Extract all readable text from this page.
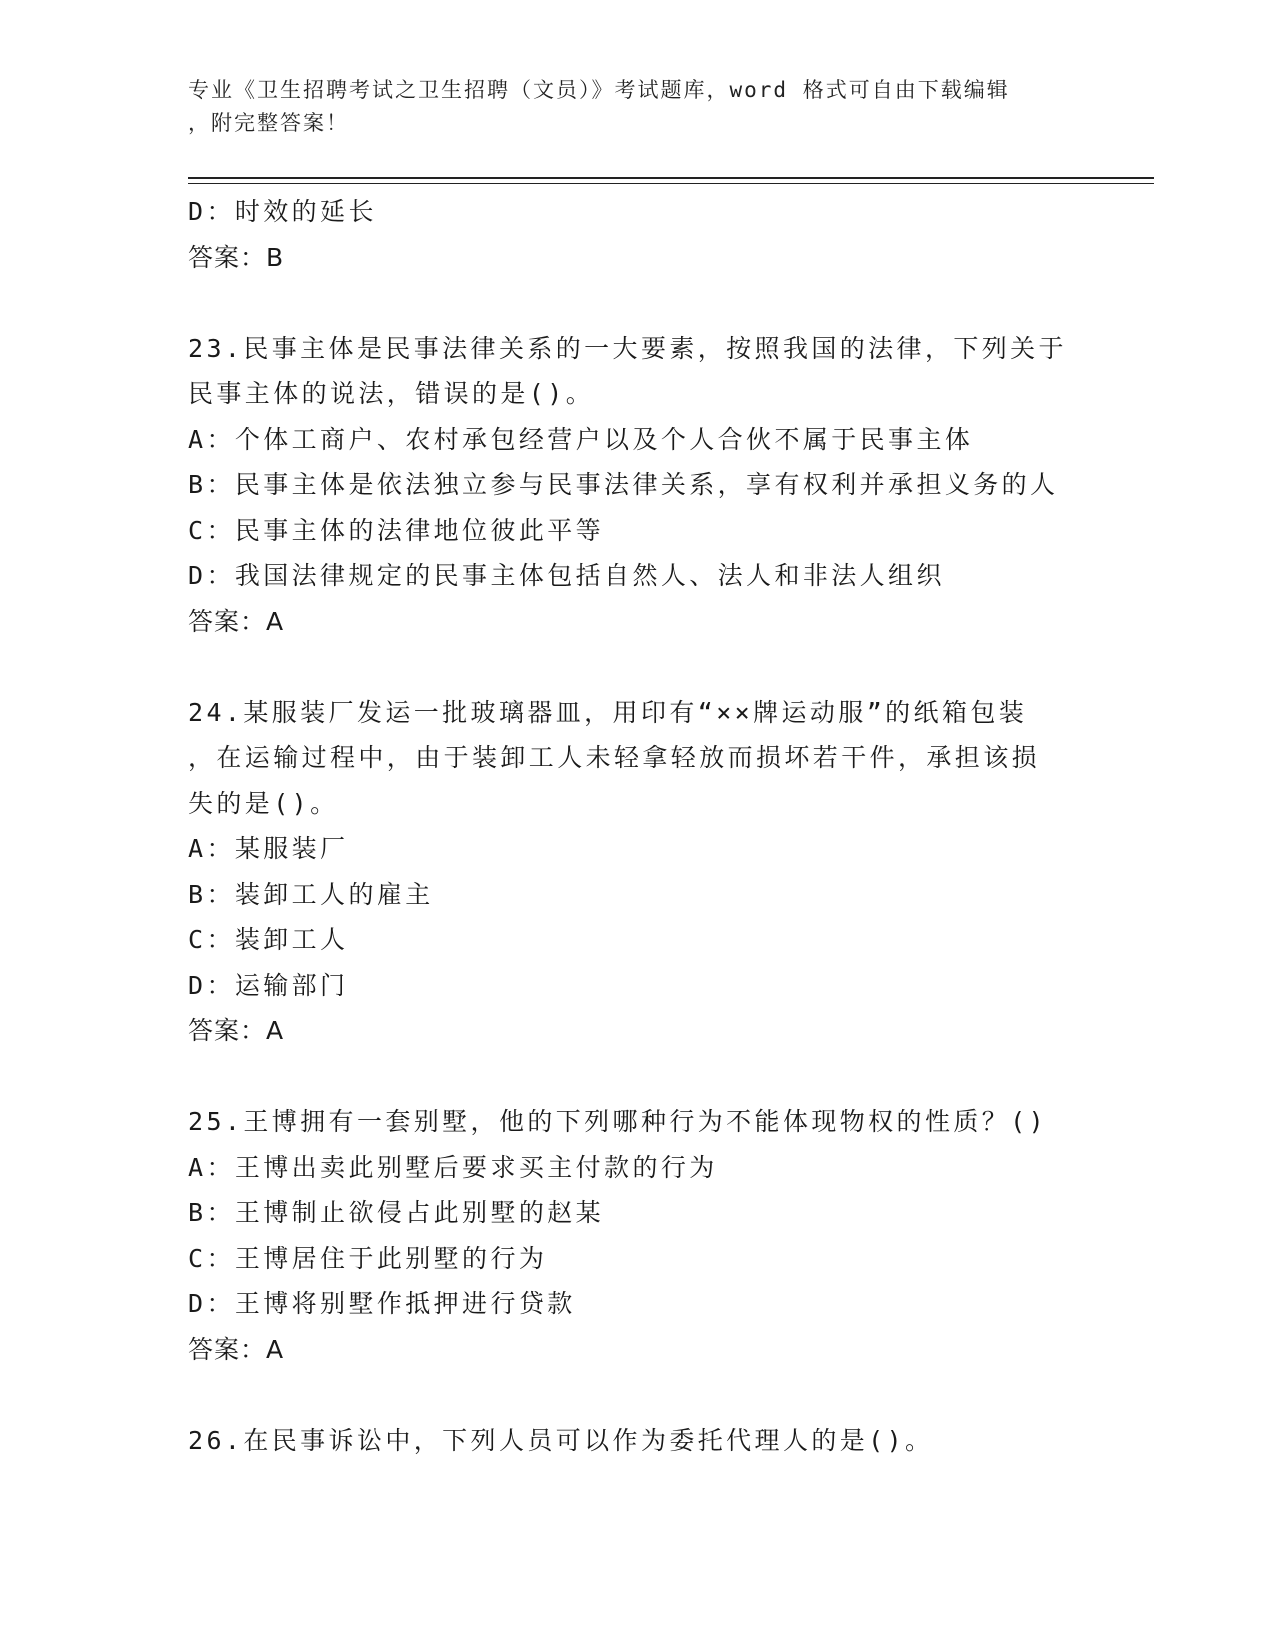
专业《卫生招聘考试之卫生招聘（文员）》考试题库，word 格式可自由下载编辑
，附完整答案！

D：时效的延长

答案：B

23.民事主体是民事法律关系的一大要素，按照我国的法律，下列关于

民事主体的说法，错误的是()。

A：个体工商户、农村承包经营户以及个人合伙不属于民事主体

B：民事主体是依法独立参与民事法律关系，享有权利并承担义务的人

C：民事主体的法律地位彼此平等

D：我国法律规定的民事主体包括自然人、法人和非法人组织

答案：A

24.某服装厂发运一批玻璃器皿，用印有“××牌运动服”的纸箱包装

，在运输过程中，由于装卸工人未轻拿轻放而损坏若干件，承担该损

失的是()。

A：某服装厂

B：装卸工人的雇主

C：装卸工人

D：运输部门

答案：A

25.王博拥有一套别墅，他的下列哪种行为不能体现物权的性质？()

A：王博出卖此别墅后要求买主付款的行为

B：王博制止欲侵占此别墅的赵某

C：王博居住于此别墅的行为

D：王博将别墅作抵押进行贷款

答案：A

26.在民事诉讼中，下列人员可以作为委托代理人的是()。
